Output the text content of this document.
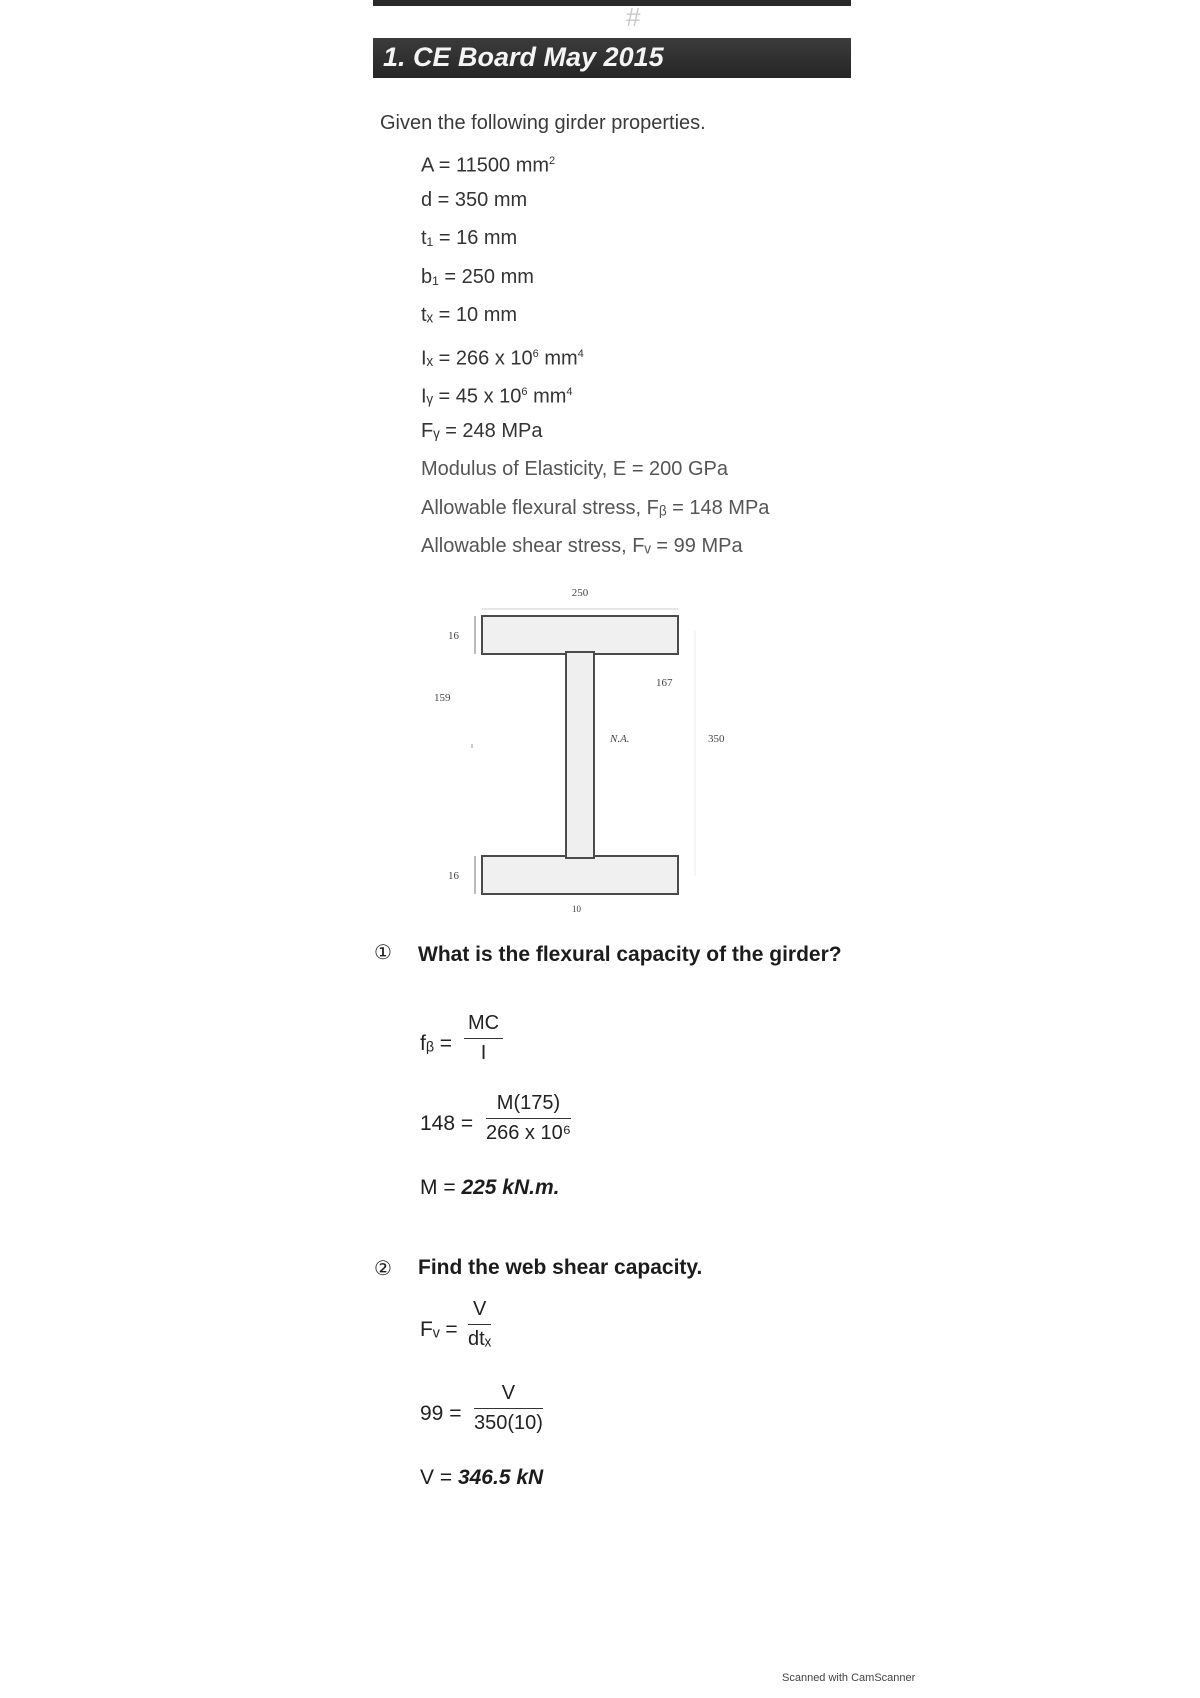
#
1. CE Board May 2015
Given the following girder properties.
A = 11500 $mm^2$
d = 350 mm
t₁ = 16 mm
b₁ = 250 mm
tₓ = 10 mm
Iₓ = 266 x $10^6$ $mm^4$
Iᵧ = 45 x $10^6$ $mm^4$
Fᵧ = 248 MPa
Modulus of Elasticity, E = 200 GPa
Allowable flexural stress, Fᵦ = 148 MPa
Allowable shear stress, Fᵥ = 99 MPa
250
16
159
N.A.
167
350
16
10
① What is the flexural capacity of the girder?
fᵦ = $\frac{MC}{I}$
$148 = \frac{M(175)}{\text{266 x 10⁶}}$
M = 225 kN.m.
② Find the web shear capacity.
Fᵥ =
V
dtₓ
$99 = \frac{V}{350(10)}$
V = 346.5 kN
Scanned with CamScanner
